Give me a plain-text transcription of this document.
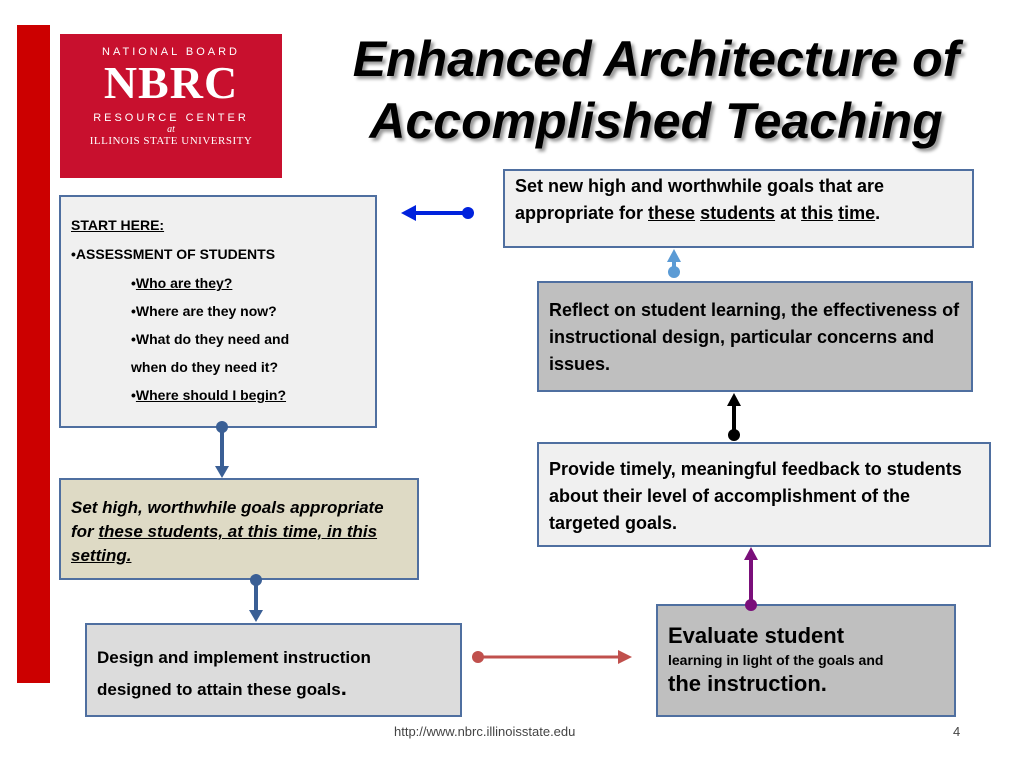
NATIONAL BOARD
NBRC
RESOURCE CENTER
at
ILLINOIS STATE UNIVERSITY
Enhanced Architecture of
Accomplished Teaching
START HERE:
•ASSESSMENT OF STUDENTS
•Who are they?
•Where are they now?
•What do they need and
when do they need it?
•Where should I begin?
Set high, worthwhile goals appropriate for these students, at this time, in this setting.
Design and implement instruction
designed to attain these goals.
Evaluate student
learning in light of the goals and
the instruction.
Provide timely, meaningful feedback to students about their level of accomplishment of the targeted goals.
Reflect on student learning, the effectiveness of instructional design, particular concerns and issues.
Set new high and worthwhile goals that are appropriate for these students at this time.
http://www.nbrc.illinoisstate.edu	4
